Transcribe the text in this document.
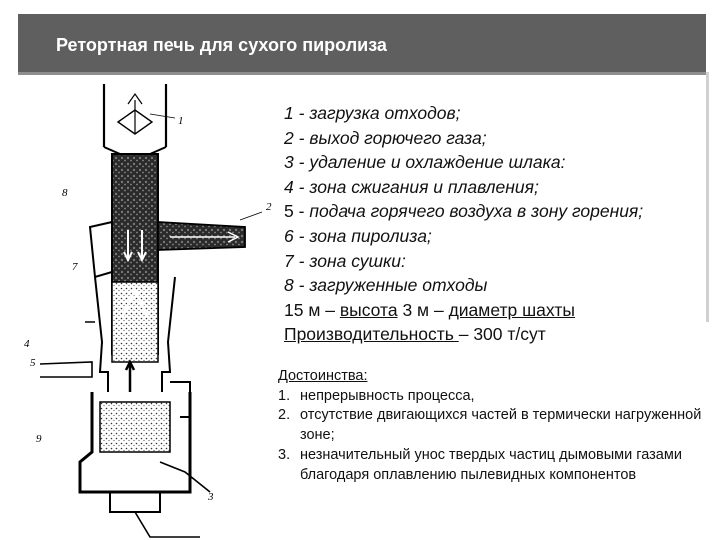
Ретортная печь для сухого пиролиза
1
2
3
4
5
7
8
9
1 - загрузка отходов;
2 - выход горючего газа;
3 - удаление и охлаждение шлака:
4 - зона сжигания и плавления;
5 - подача горячего воздуха в зону горения;
6 - зона пиролиза;
7 - зона сушки:
8 - загруженные отходы
15 м – высота 3 м – диаметр шахты
Производительность – 300 т/сут
Достоинства:
1. непрерывность процесса,
2. отсутствие двигающихся частей в термически нагруженной зоне;
3. незначительный унос твердых частиц дымовыми газами благодаря оплавлению пылевидных компонентов
